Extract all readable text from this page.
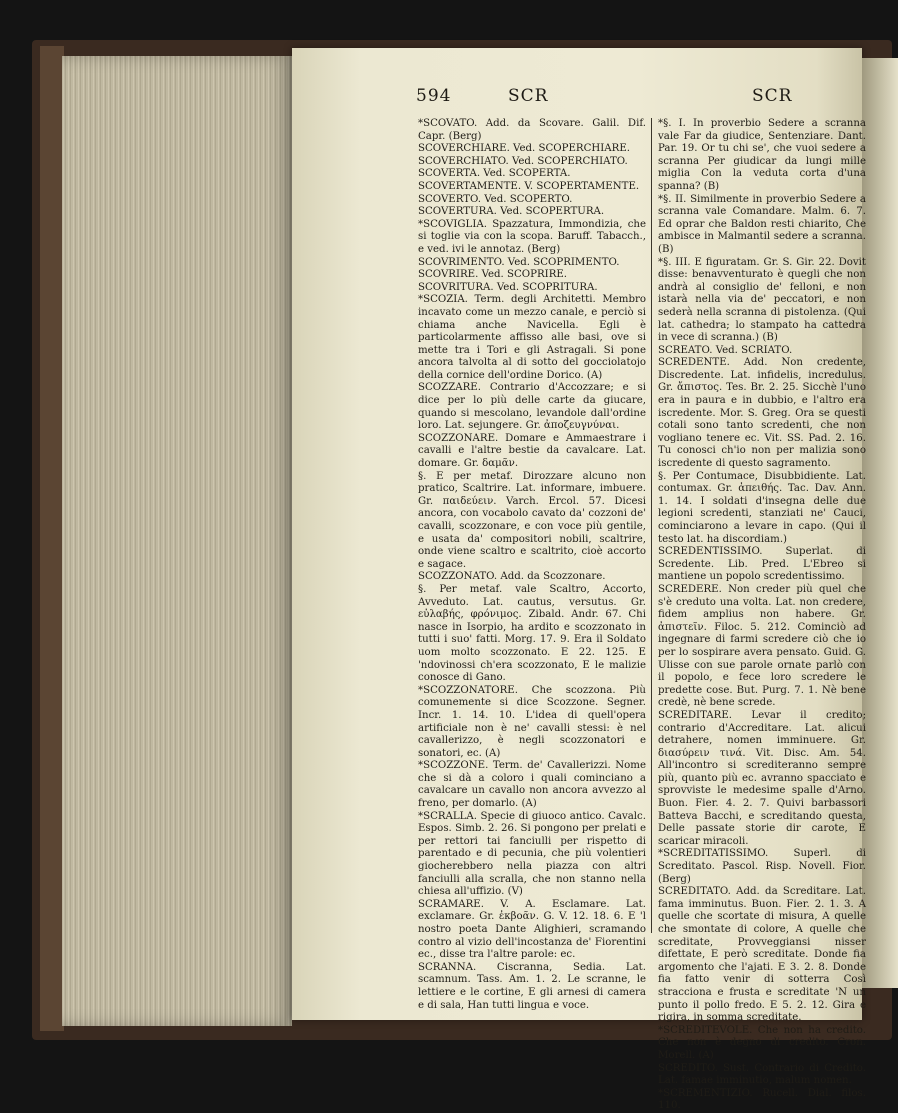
594	SCR	SCR

*SCOVATO. Add. da Scovare. Galil. Dif. Capr. (Berg)

SCOVERCHIARE. Ved. SCOPERCHIARE.

SCOVERCHIATO. Ved. SCOPERCHIATO.

SCOVERTA. Ved. SCOPERTA.

SCOVERTAMENTE. V. SCOPERTAMENTE.

SCOVERTO. Ved. SCOPERTO.

SCOVERTURA. Ved. SCOPERTURA.

*SCOVIGLIA. Spazzatura, Immondizia, che si toglie via con la scopa. Baruff. Tabacch., e ved. ivi le annotaz. (Berg)

SCOVRIMENTO. Ved. SCOPRIMENTO.

SCOVRIRE. Ved. SCOPRIRE.

SCOVRITURA. Ved. SCOPRITURA.

*SCOZIA. Term. degli Architetti. Membro incavato come un mezzo canale, e perciò si chiama anche Navicella. Egli è particolarmente affisso alle basi, ove si mette tra i Tori e gli Astragali. Si pone ancora talvolta al di sotto del gocciolatojo della cornice dell'ordine Dorico. (A)

SCOZZARE. Contrario d'Accozzare; e si dice per lo più delle carte da giucare, quando si mescolano, levandole dall'ordine loro. Lat. sejungere. Gr. ἀποζευγνύναι.

SCOZZONARE. Domare e Ammaestrare i cavalli e l'altre bestie da cavalcare. Lat. domare. Gr. δαμᾶν.

§. E per metaf. Dirozzare alcuno non pratico, Scaltrire. Lat. informare, imbuere. Gr. παιδεύειν. Varch. Ercol. 57. Dicesi ancora, con vocabolo cavato da' cozzoni de' cavalli, scozzonare, e con voce più gentile, e usata da' compositori nobili, scaltrire, onde viene scaltro e scaltrito, cioè accorto e sagace.

SCOZZONATO. Add. da Scozzonare.

§. Per metaf. vale Scaltro, Accorto, Avveduto. Lat. cautus, versutus. Gr. εὐλαβής, φρόνιμος. Zibald. Andr. 67. Chi nasce in Isorpio, ha ardito e scozzonato in tutti i suo' fatti. Morg. 17. 9. Era il Soldato uom molto scozzonato. E 22. 125. E 'ndovinossi ch'era scozzonato, E le malizie conosce di Gano.

*SCOZZONATORE. Che scozzona. Più comunemente si dice Scozzone. Segner. Incr. 1. 14. 10. L'idea di quell'opera artificiale non è ne' cavalli stessi: è nel cavallerizzo, è negli scozzonatori e sonatori, ec. (A)

*SCOZZONE. Term. de' Cavallerizzi. Nome che si dà a coloro i quali cominciano a cavalcare un cavallo non ancora avvezzo al freno, per domarlo. (A)

*SCRALLA. Specie di giuoco antico. Cavalc. Espos. Simb. 2. 26. Si pongono per prelati e per rettori tai fanciulli per rispetto di parentado e di pecunia, che più volentieri giocherebbero nella piazza con altri fanciulli alla scralla, che non stanno nella chiesa all'uffizio. (V)

SCRAMARE. V. A. Esclamare. Lat. exclamare. Gr. ἐκβοᾶν. G. V. 12. 18. 6. E 'l nostro poeta Dante Alighieri, scramando contro al vizio dell'incostanza de' Fiorentini ec., disse tra l'altre parole: ec.

SCRANNA. Ciscranna, Sedia. Lat. scamnum. Tass. Am. 1. 2. Le scranne, le lettiere e le cortine, E gli arnesi di camera e di sala, Han tutti lingua e voce.

*§. I. In proverbio Sedere a scranna vale Far da giudice, Sentenziare. Dant. Par. 19. Or tu chi se', che vuoi sedere a scranna Per giudicar da lungi mille miglia Con la veduta corta d'una spanna? (B)

*§. II. Similmente in proverbio Sedere a scranna vale Comandare. Malm. 6. 7. Ed oprar che Baldon resti chiarito, Che ambisce in Malmantil sedere a scranna. (B)

*§. III. E figuratam. Gr. S. Gir. 22. Dovit disse: benavventurato è quegli che non andrà al consiglio de' felloni, e non istarà nella via de' peccatori, e non sederà nella scranna di pistolenza. (Qui lat. cathedra; lo stampato ha cattedra in vece di scranna.) (B)

SCREATO. Ved. SCRIATO.

SCREDENTE. Add. Non credente, Discredente. Lat. infidelis, incredulus. Gr. ἄπιστος. Tes. Br. 2. 25. Sicchè l'uno era in paura e in dubbio, e l'altro era iscredente. Mor. S. Greg. Ora se questi cotali sono tanto scredenti, che non vogliano tenere ec. Vit. SS. Pad. 2. 16. Tu conosci ch'io non per malizia sono iscredente di questo sagramento.

§. Per Contumace, Disubbidiente. Lat. contumax. Gr. ἀπειθής. Tac. Dav. Ann. 1. 14. I soldati d'insegna delle due legioni scredenti, stanziati ne' Cauci, cominciarono a levare in capo. (Qui il testo lat. ha discordiam.)

SCREDENTISSIMO. Superlat. di Scredente. Lib. Pred. L'Ebreo si mantiene un popolo scredentissimo.

SCREDERE. Non creder più quel che s'è creduto una volta. Lat. non credere, fidem amplius non habere. Gr. ἀπιστεῖν. Filoc. 5. 212. Cominciò ad ingegnare di farmi scredere ciò che io per lo sospirare avera pensato. Guid. G. Ulisse con sue parole ornate parlò con il popolo, e fece loro scredere le predette cose. But. Purg. 7. 1. Nè bene credè, nè bene screde.

SCREDITARE. Levar il credito; contrario d'Accreditare. Lat. alicui detrahere, nomen imminuere. Gr. διασύρειν τινά. Vit. Disc. Am. 54. All'incontro si screditeranno sempre più, quanto più ec. avranno spacciato e sprovviste le medesime spalle d'Arno. Buon. Fier. 4. 2. 7. Quivi barbassori Batteva Bacchi, e screditando questa, Delle passate storie dir carote, E scaricar miracoli.

*SCREDITATISSIMO. Superl. di Screditato. Pascol. Risp. Novell. Fior. (Berg)

SCREDITATO. Add. da Screditare. Lat. fama imminutus. Buon. Fier. 2. 1. 3. A quelle che scortate di misura, A quelle che smontate di colore, A quelle che screditate, Provveggiansi nisser difettate, E però screditate. Donde fia argomento che l'ajati. E 3. 2. 8. Donde fia fatto venir di sotterra Così stracciona e frusta e screditate 'N un punto il pollo fredo. E 5. 2. 12. Gira e rigira, in somma screditate.

*SCREDITEVOLE. Che non ha credito. Che non è degno di credito. Cron. Morell. (A)

SCREDITO. Sust. Contrario di Credito. Lat. famae imminutio, malum nomen.

*SCREMENTIZIO. Rucell. Dial. filos. 110.
